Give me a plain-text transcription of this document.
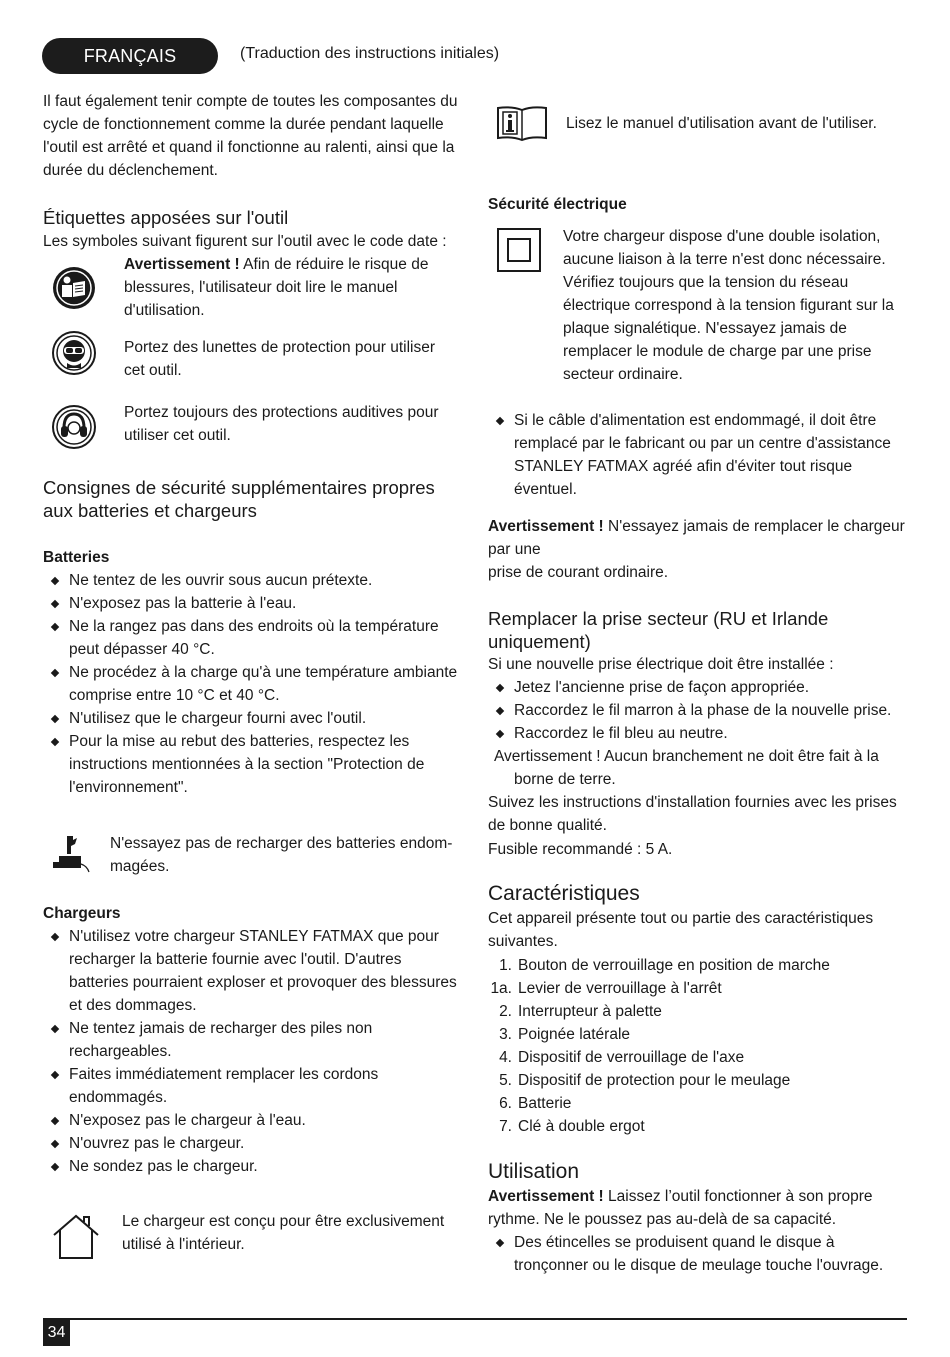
FRANÇAIS	(Traduction des instructions initiales)

Il faut également tenir compte de toutes les composantes du cycle de fonctionnement comme la durée pendant laquelle l'outil est arrêté et quand il fonctionne au ralenti, ainsi que la durée du déclenchement.

Étiquettes apposées sur l'outil

Les symboles suivant figurent sur l'outil avec le code date :

Avertissement ! Afin de réduire le risque de blessures, l'utilisateur doit lire le manuel d'utilisation.

Portez des lunettes de protection pour utiliser cet outil.

Portez toujours des protections auditives pour utiliser cet outil.

Consignes de sécurité supplémentaires propres aux batteries et chargeurs
Batteries
Ne tentez de les ouvrir sous aucun prétexte.
N'exposez pas la batterie à l'eau.
Ne la rangez pas dans des endroits où la température peut dépasser 40 °C.
Ne procédez à la charge qu'à une température ambiante comprise entre 10 °C et 40 °C.
N'utilisez que le chargeur fourni avec l'outil.
Pour la mise au rebut des batteries, respectez les instructions mentionnées à la section "Protection de l'environnement".

N'essayez pas de recharger des batteries endom-
magées.

Chargeurs
N'utilisez votre chargeur STANLEY FATMAX que pour recharger la batterie fournie avec l'outil. D'autres batteries pourraient exploser et provoquer des blessures et des dommages.
Ne tentez jamais de recharger des piles non rechargeables.
Faites immédiatement remplacer les cordons endommagés.
N'exposez pas le chargeur à l'eau.
N'ouvrez pas le chargeur.
Ne sondez pas le chargeur.

Le chargeur est conçu pour être exclusivement utilisé à l'intérieur.

Lisez le manuel d'utilisation avant de l'utiliser.

Sécurité électrique

Votre chargeur dispose d'une double isolation, aucune liaison à la terre n'est donc nécessaire. Vérifiez toujours que la tension du réseau électrique correspond à la tension figurant sur la plaque signalétique. N'essayez jamais de remplacer le module de charge par une prise secteur ordinaire.

Si le câble d'alimentation est endommagé, il doit être remplacé par le fabricant ou par un centre d'assistance STANLEY FATMAX agréé afin d'éviter tout risque éventuel.

Avertissement ! N'essayez jamais de remplacer le chargeur par une

prise de courant ordinaire.

Remplacer la prise secteur (RU et Irlande uniquement)

Si une nouvelle prise électrique doit être installée :

Jetez l'ancienne prise de façon appropriée.
Raccordez le fil marron à la phase de la nouvelle prise.
Raccordez le fil bleu au neutre.

Avertissement ! Aucun branchement ne doit être fait à la

borne de terre.

Suivez les instructions d'installation fournies avec les prises de bonne qualité.

Fusible recommandé : 5 A.

Caractéristiques

Cet appareil présente tout ou partie des caractéristiques suivantes.

1. Bouton de verrouillage en position de marche
1a. Levier de verrouillage à l'arrêt
2. Interrupteur à palette
3. Poignée latérale
4. Dispositif de verrouillage de l'axe
5. Dispositif de protection pour le meulage
6. Batterie
7. Clé à double ergot
Utilisation

Avertissement ! Laissez l’outil fonctionner à son propre rythme. Ne le poussez pas au-delà de sa capacité.

Des étincelles se produisent quand le disque à tronçonner ou le disque de meulage touche l'ouvrage.
34
